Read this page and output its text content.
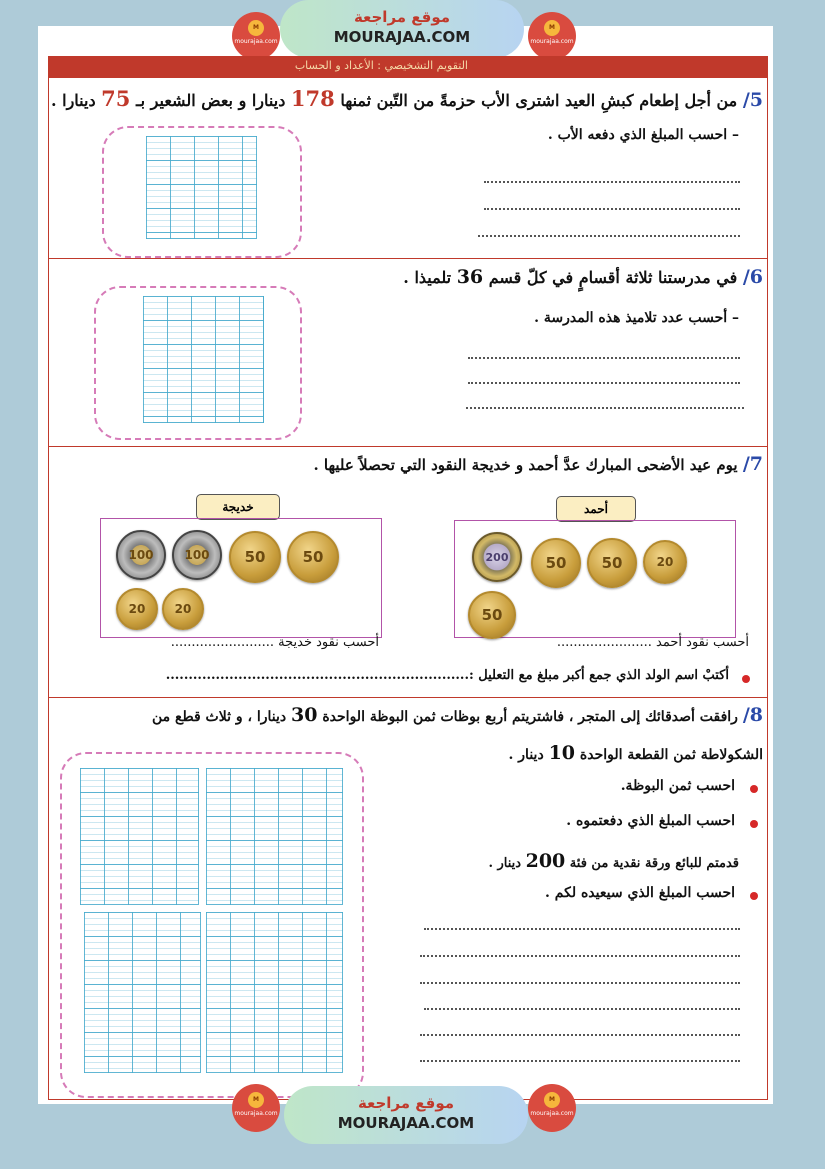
M
mourajaa.com
موقع مراجعة
MOURAJAA.COM
M
mourajaa.com
التقويم التشخيصي : الأعداد و الحساب
5/ من أجل إطعام كبشِ العيد اشترى الأب حزمةً من التّبن ثمنها 178 دينارا و بعض الشعير بـ 75 دينارا .
– احسب المبلغ الذي دفعه الأب .
6/ في مدرستنا ثلاثة أقسامٍ في كلّ قسم 36 تلميذا .
– أحسب عدد تلاميذ هذه المدرسة .
7/ يوم عيد الأضحى المبارك عدَّ أحمد و خديجة النقود التي تحصلاً عليها .
خديجة	أحمد
100	100	50	50
20	20
200	50	50	20
50
أحسب نقود أحمد .......................
أحسب نقود خديجة .........................
أكتبْ اسم الولد الذي جمع أكبر مبلغ مع التعليل :...................................................................
8/ رافقت أصدقائك إلى المتجر ، فاشتريتم أربع بوظات ثمن البوظة الواحدة 30 دينارا ، و ثلاث قطع من
الشكولاطة ثمن القطعة الواحدة 10 دينار .
احسب ثمن البوظة.
احسب المبلغ الذي دفعتموه .
قدمتم للبائع ورقة نقدية من فئة 200 دينار .
احسب المبلغ الذي سيعيده لكم .
M
mourajaa.com
موقع مراجعة
MOURAJAA.COM
M
mourajaa.com
